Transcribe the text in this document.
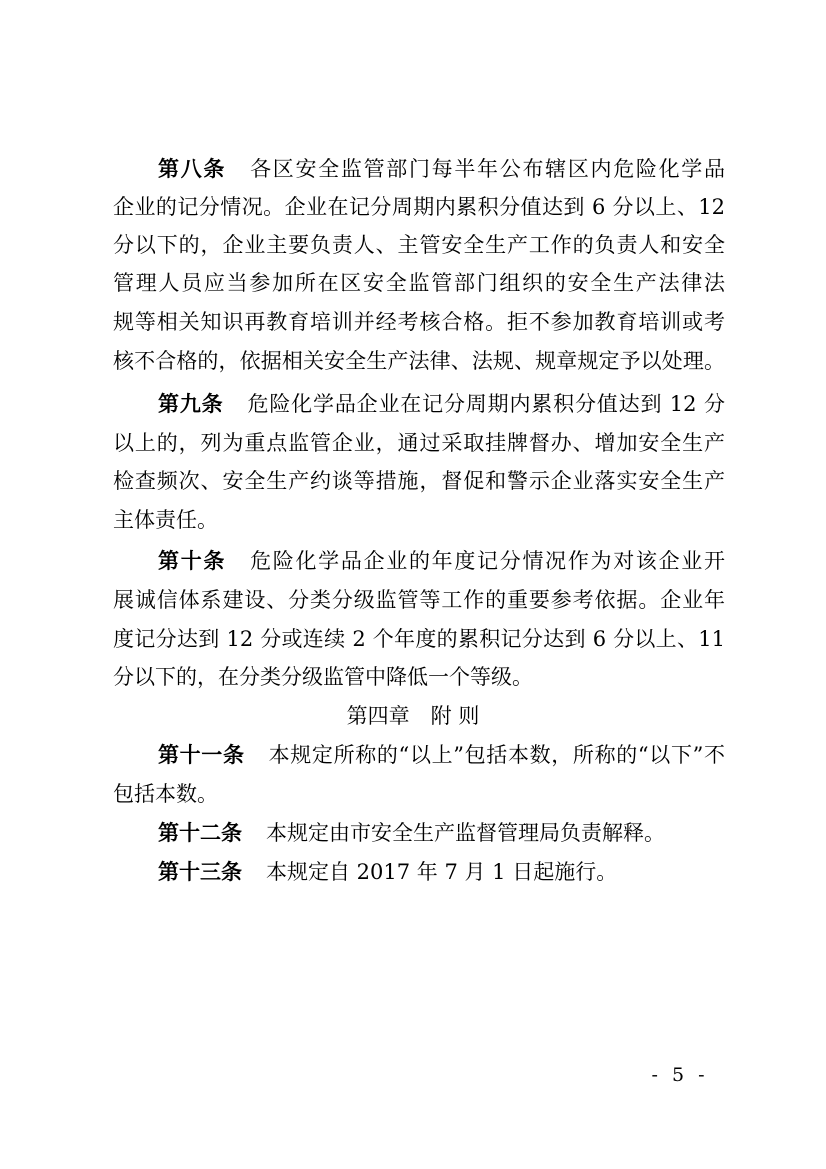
第八条 各区安全监管部门每半年公布辖区内危险化学品
企业的记分情况。企业在记分周期内累积分值达到 6 分以上、12
分以下的，企业主要负责人、主管安全生产工作的负责人和安全
管理人员应当参加所在区安全监管部门组织的安全生产法律法
规等相关知识再教育培训并经考核合格。拒不参加教育培训或考
核不合格的，依据相关安全生产法律、法规、规章规定予以处理。
第九条 危险化学品企业在记分周期内累积分值达到 12 分
以上的，列为重点监管企业，通过采取挂牌督办、增加安全生产
检查频次、安全生产约谈等措施，督促和警示企业落实安全生产
主体责任。
第十条 危险化学品企业的年度记分情况作为对该企业开
展诚信体系建设、分类分级监管等工作的重要参考依据。企业年
度记分达到 12 分或连续 2 个年度的累积记分达到 6 分以上、11
分以下的，在分类分级监管中降低一个等级。
第四章　附 则
第十一条 本规定所称的“以上”包括本数，所称的“以下”不
包括本数。
第十二条 本规定由市安全生产监督管理局负责解释。
第十三条 本规定自 2017 年 7 月 1 日起施行。
- 5 -
